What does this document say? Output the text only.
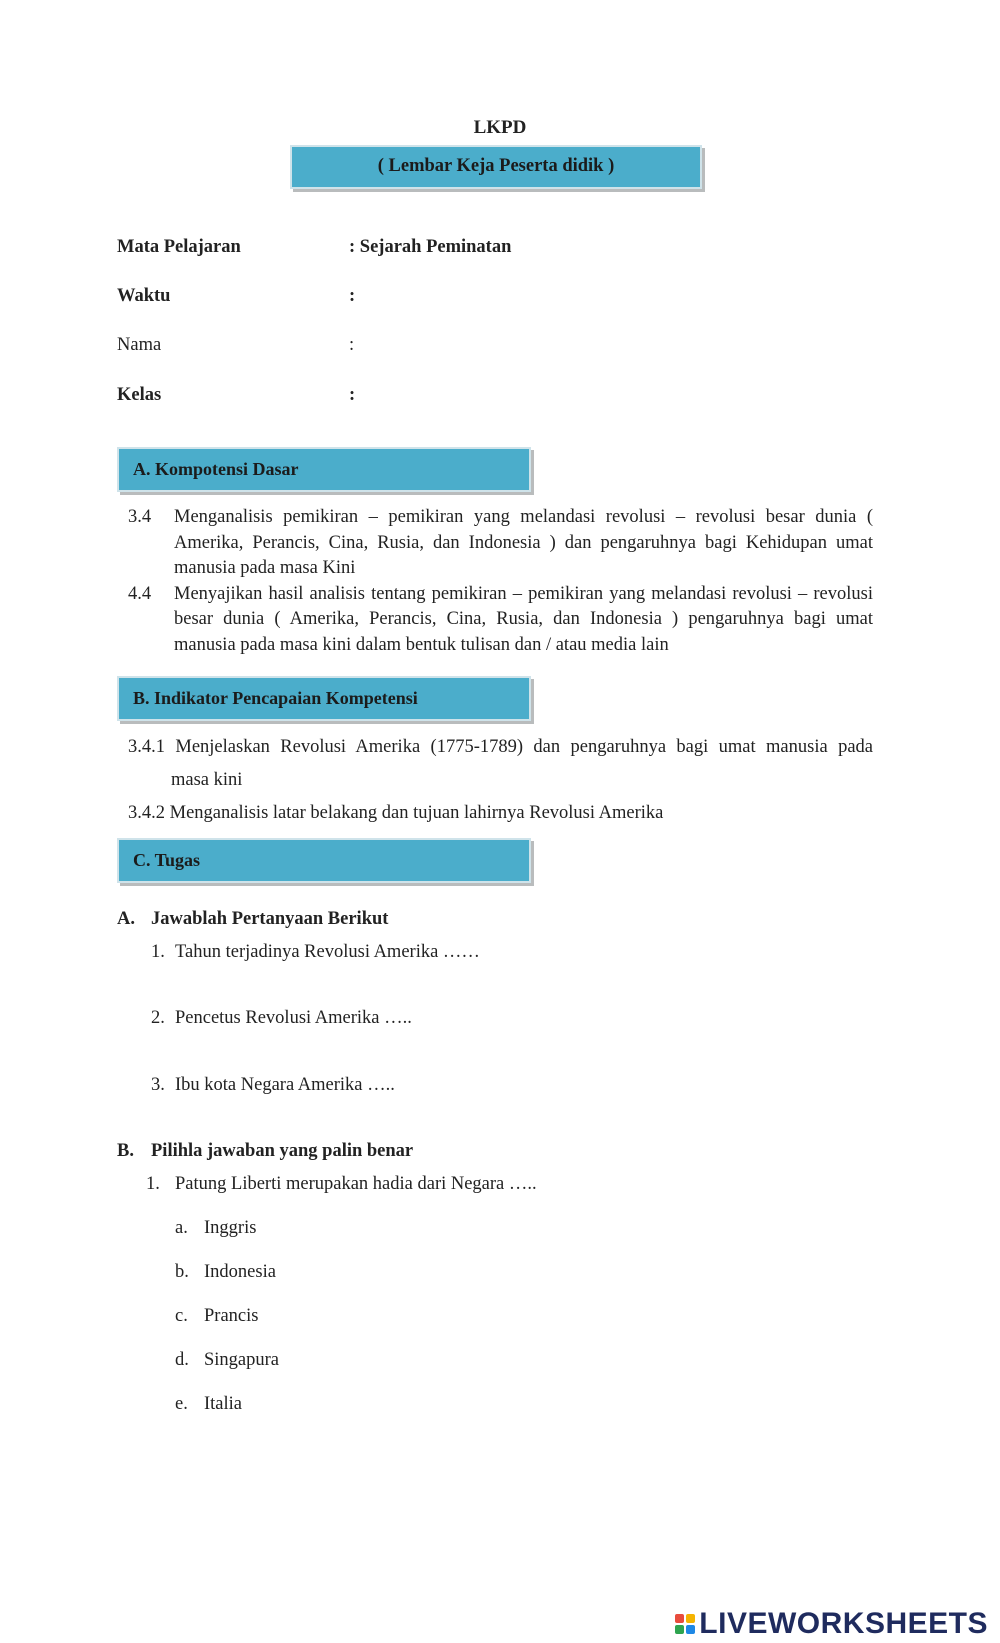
LKPD
( Lembar Keja Peserta didik )
Mata Pelajaran	: Sejarah Peminatan
Waktu	:
Nama	:
Kelas	:
A. Kompotensi Dasar
3.4 Menganalisis pemikiran – pemikiran yang melandasi revolusi – revolusi besar dunia ( Amerika, Perancis, Cina, Rusia, dan Indonesia ) dan pengaruhnya bagi Kehidupan umat manusia pada masa Kini
4.4 Menyajikan hasil analisis tentang pemikiran – pemikiran yang melandasi revolusi – revolusi besar dunia ( Amerika, Perancis, Cina, Rusia, dan Indonesia ) pengaruhnya bagi umat manusia pada masa kini dalam bentuk tulisan dan / atau media lain
B. Indikator Pencapaian Kompetensi
3.4.1 Menjelaskan Revolusi Amerika (1775-1789) dan pengaruhnya bagi umat manusia pada
masa kini
3.4.2 Menganalisis latar belakang dan tujuan lahirnya Revolusi Amerika
C. Tugas
A. Jawablah Pertanyaan Berikut
1. Tahun terjadinya Revolusi Amerika ……
2. Pencetus Revolusi Amerika …..
3. Ibu kota Negara Amerika …..
B. Pilihla jawaban yang palin benar
1. Patung Liberti merupakan hadia dari Negara …..
a. Inggris
b. Indonesia
c. Prancis
d. Singapura
e. Italia
LIVEWORKSHEETS
